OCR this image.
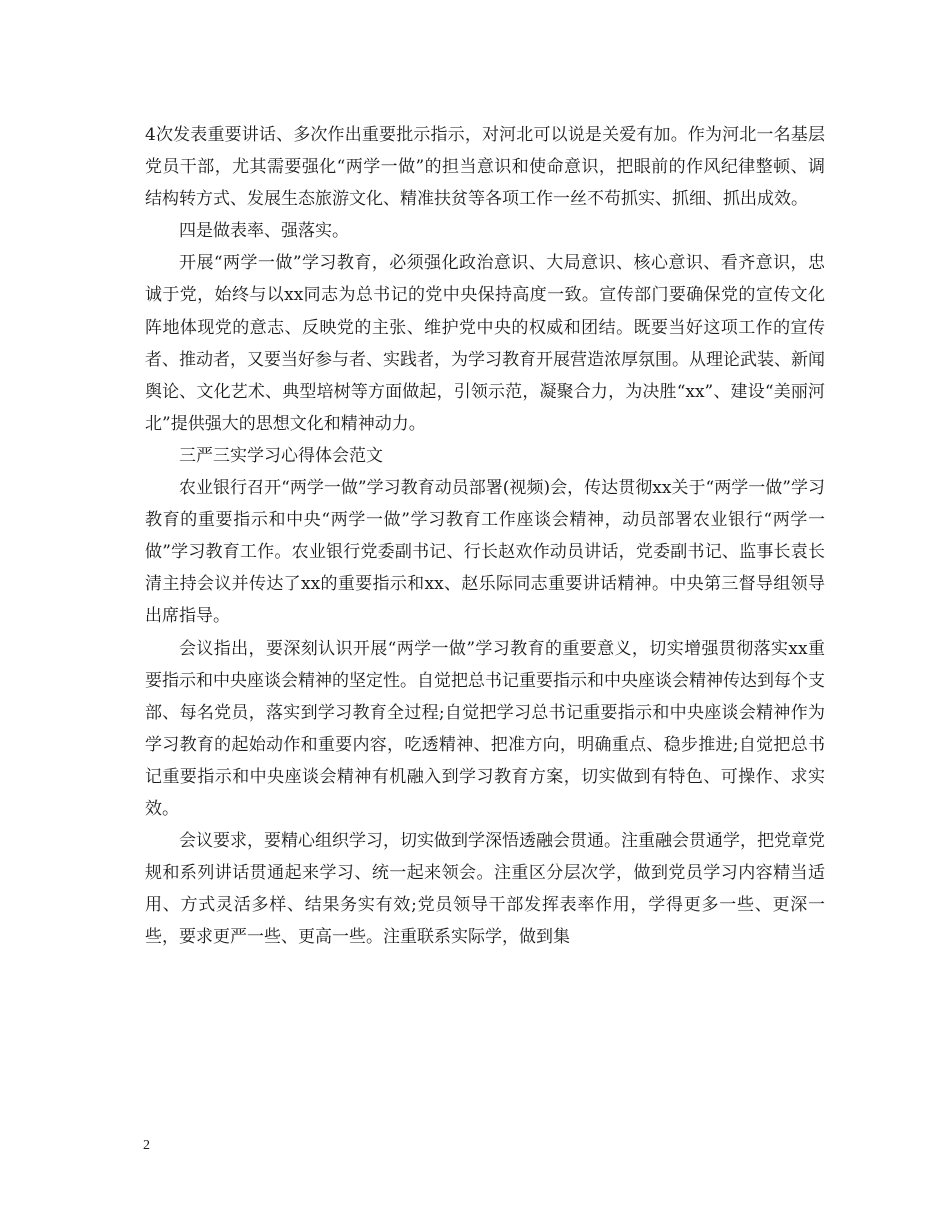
4次发表重要讲话、多次作出重要批示指示，对河北可以说是关爱有加。作为河北一名基层党员干部，尤其需要强化“两学一做”的担当意识和使命意识，把眼前的作风纪律整顿、调结构转方式、发展生态旅游文化、精准扶贫等各项工作一丝不苟抓实、抓细、抓出成效。

四是做表率、强落实。

开展“两学一做”学习教育，必须强化政治意识、大局意识、核心意识、看齐意识，忠诚于党，始终与以xx同志为总书记的党中央保持高度一致。宣传部门要确保党的宣传文化阵地体现党的意志、反映党的主张、维护党中央的权威和团结。既要当好这项工作的宣传者、推动者，又要当好参与者、实践者，为学习教育开展营造浓厚氛围。从理论武装、新闻舆论、文化艺术、典型培树等方面做起，引领示范，凝聚合力，为决胜“xx”、建设“美丽河北”提供强大的思想文化和精神动力。

三严三实学习心得体会范文

农业银行召开“两学一做”学习教育动员部署(视频)会，传达贯彻xx关于“两学一做”学习教育的重要指示和中央“两学一做”学习教育工作座谈会精神，动员部署农业银行“两学一做”学习教育工作。农业银行党委副书记、行长赵欢作动员讲话，党委副书记、监事长袁长清主持会议并传达了xx的重要指示和xx、赵乐际同志重要讲话精神。中央第三督导组领导出席指导。

会议指出，要深刻认识开展“两学一做”学习教育的重要意义，切实增强贯彻落实xx重要指示和中央座谈会精神的坚定性。自觉把总书记重要指示和中央座谈会精神传达到每个支部、每名党员，落实到学习教育全过程;自觉把学习总书记重要指示和中央座谈会精神作为学习教育的起始动作和重要内容，吃透精神、把准方向，明确重点、稳步推进;自觉把总书记重要指示和中央座谈会精神有机融入到学习教育方案，切实做到有特色、可操作、求实效。

会议要求，要精心组织学习，切实做到学深悟透融会贯通。注重融会贯通学，把党章党规和系列讲话贯通起来学习、统一起来领会。注重区分层次学，做到党员学习内容精当适用、方式灵活多样、结果务实有效;党员领导干部发挥表率作用，学得更多一些、更深一些，要求更严一些、更高一些。注重联系实际学，做到集

2
